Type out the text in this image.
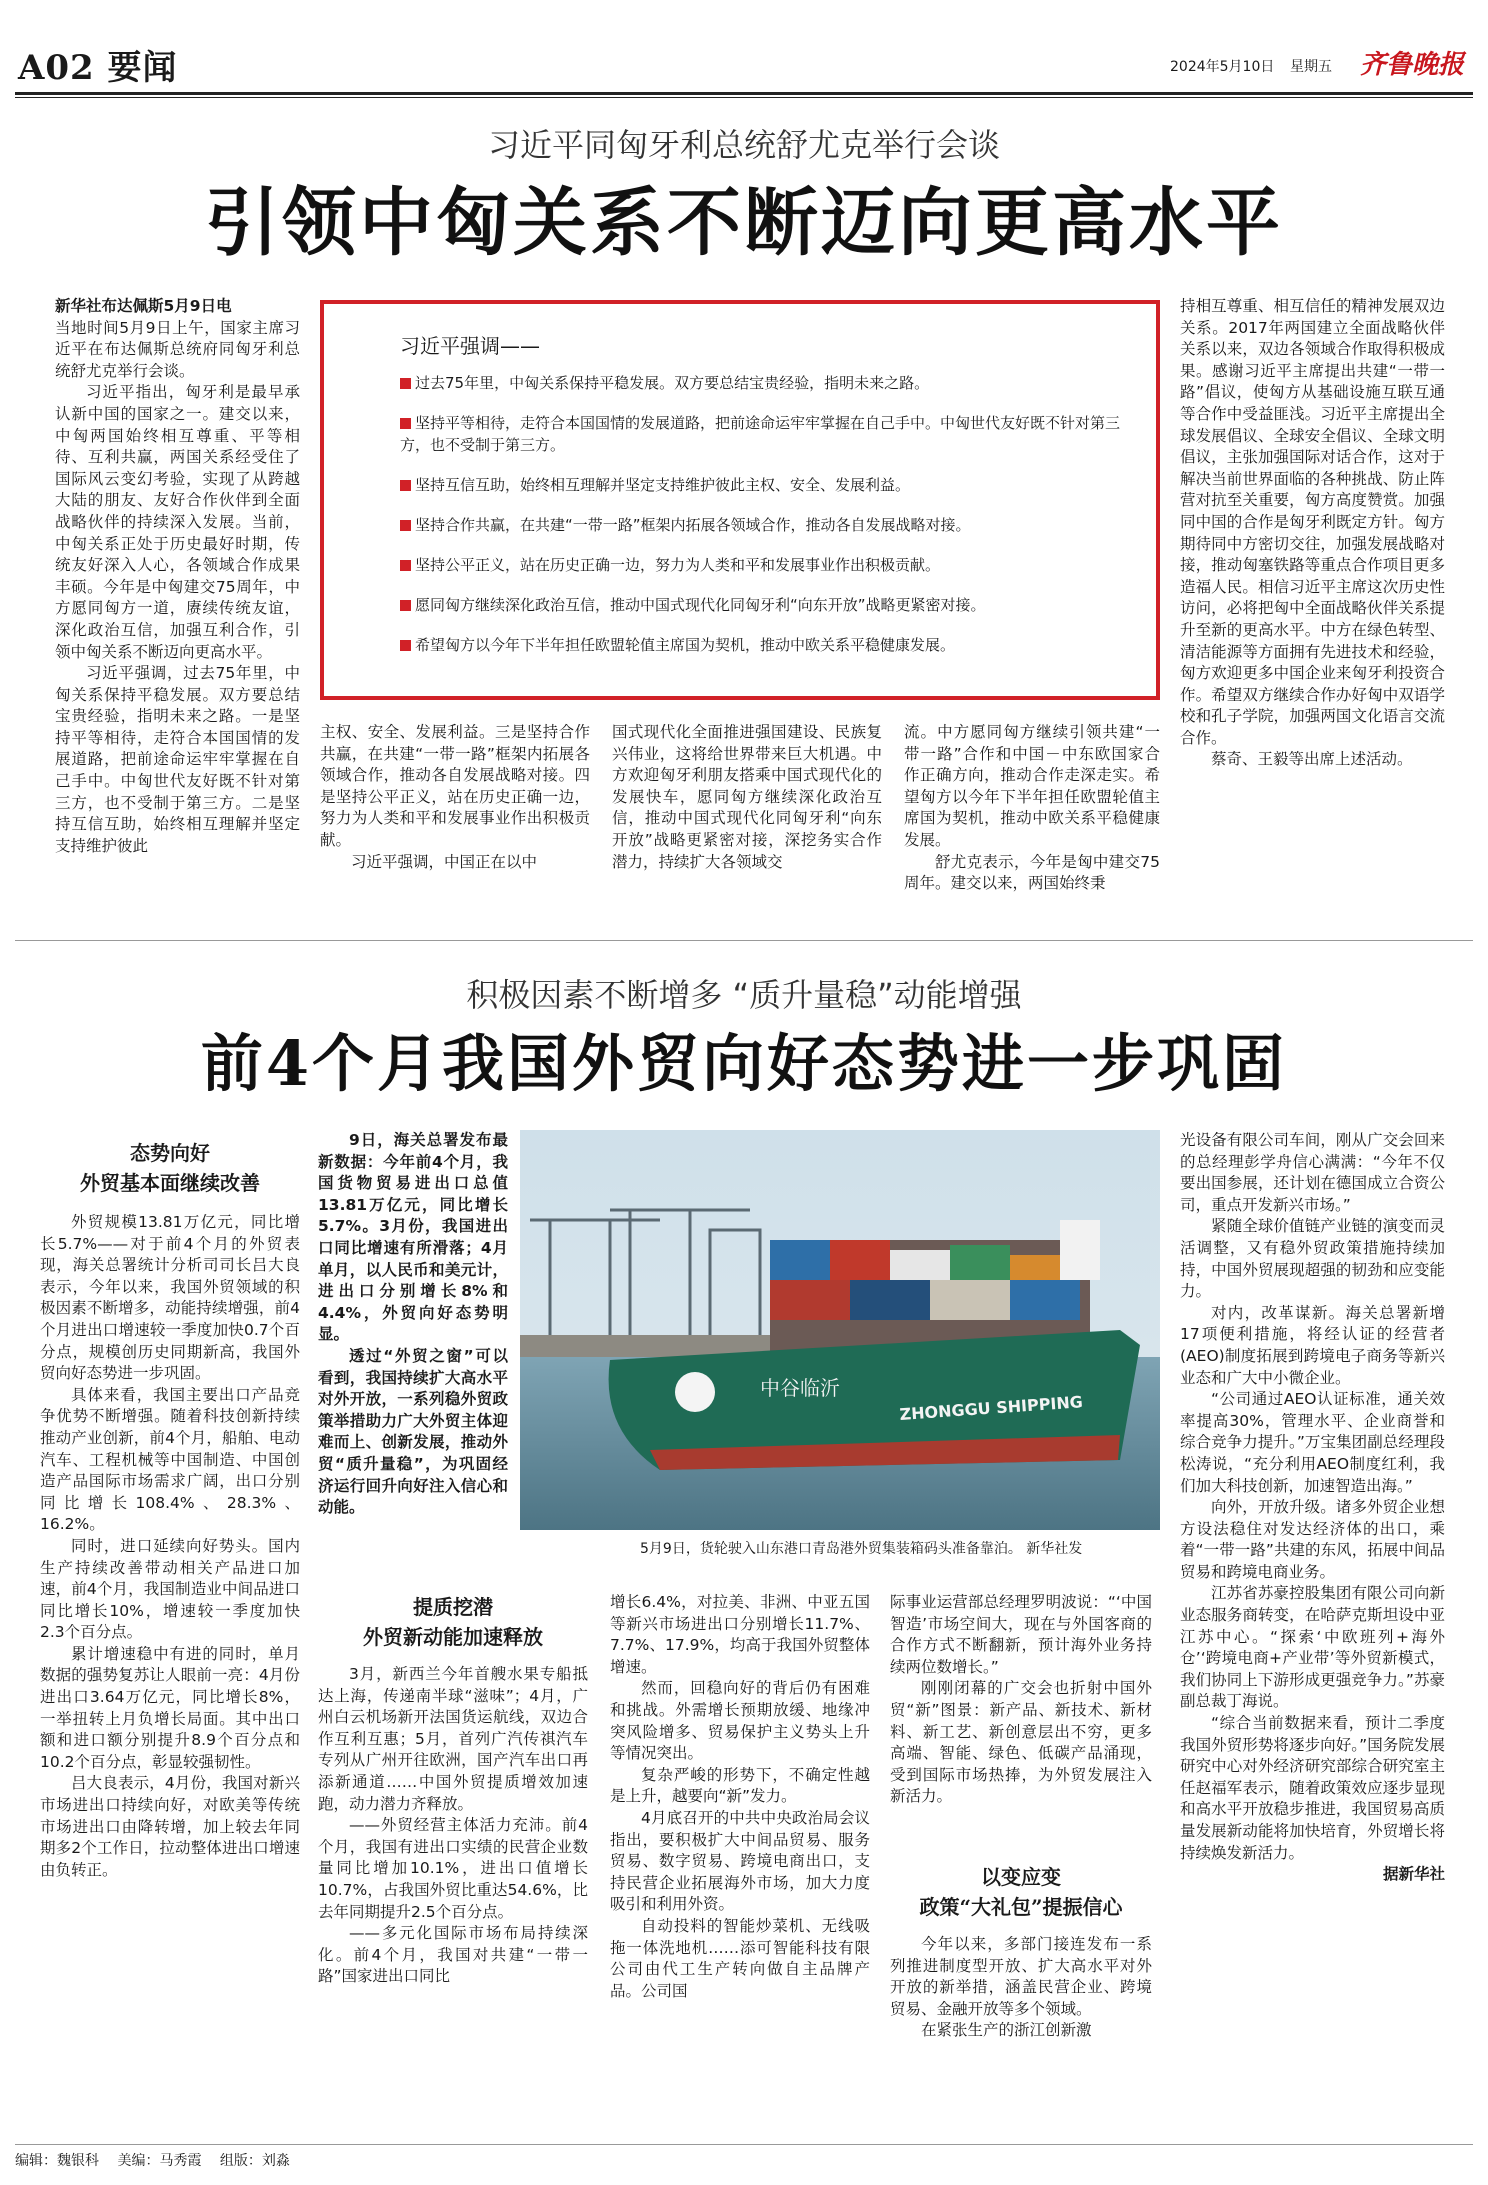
A02 要闻	2024年5月10日 星期五 齐鲁晚报
习近平同匈牙利总统舒尤克举行会谈
引领中匈关系不断迈向更高水平

新华社布达佩斯5月9日电

当地时间5月9日上午，国家主席习近平在布达佩斯总统府同匈牙利总统舒尤克举行会谈。

习近平指出，匈牙利是最早承认新中国的国家之一。建交以来，中匈两国始终相互尊重、平等相待、互利共赢，两国关系经受住了国际风云变幻考验，实现了从跨越大陆的朋友、友好合作伙伴到全面战略伙伴的持续深入发展。当前，中匈关系正处于历史最好时期，传统友好深入人心，各领域合作成果丰硕。今年是中匈建交75周年，中方愿同匈方一道，赓续传统友谊，深化政治互信，加强互利合作，引领中匈关系不断迈向更高水平。

习近平强调，过去75年里，中匈关系保持平稳发展。双方要总结宝贵经验，指明未来之路。一是坚持平等相待，走符合本国国情的发展道路，把前途命运牢牢掌握在自己手中。中匈世代友好既不针对第三方，也不受制于第三方。二是坚持互信互助，始终相互理解并坚定支持维护彼此

习近平强调——
过去75年里，中匈关系保持平稳发展。双方要总结宝贵经验，指明未来之路。
坚持平等相待，走符合本国国情的发展道路，把前途命运牢牢掌握在自己手中。中匈世代友好既不针对第三方，也不受制于第三方。
坚持互信互助，始终相互理解并坚定支持维护彼此主权、安全、发展利益。
坚持合作共赢，在共建“一带一路”框架内拓展各领域合作，推动各自发展战略对接。
坚持公平正义，站在历史正确一边，努力为人类和平和发展事业作出积极贡献。
愿同匈方继续深化政治互信，推动中国式现代化同匈牙利“向东开放”战略更紧密对接。
希望匈方以今年下半年担任欧盟轮值主席国为契机，推动中欧关系平稳健康发展。

主权、安全、发展利益。三是坚持合作共赢，在共建“一带一路”框架内拓展各领域合作，推动各自发展战略对接。四是坚持公平正义，站在历史正确一边，努力为人类和平和发展事业作出积极贡献。

习近平强调，中国正在以中

国式现代化全面推进强国建设、民族复兴伟业，这将给世界带来巨大机遇。中方欢迎匈牙利朋友搭乘中国式现代化的发展快车，愿同匈方继续深化政治互信，推动中国式现代化同匈牙利“向东开放”战略更紧密对接，深挖务实合作潜力，持续扩大各领域交

流。中方愿同匈方继续引领共建“一带一路”合作和中国－中东欧国家合作正确方向，推动合作走深走实。希望匈方以今年下半年担任欧盟轮值主席国为契机，推动中欧关系平稳健康发展。

舒尤克表示，今年是匈中建交75周年。建交以来，两国始终秉

持相互尊重、相互信任的精神发展双边关系。2017年两国建立全面战略伙伴关系以来，双边各领域合作取得积极成果。感谢习近平主席提出共建“一带一路”倡议，使匈方从基础设施互联互通等合作中受益匪浅。习近平主席提出全球发展倡议、全球安全倡议、全球文明倡议，主张加强国际对话合作，这对于解决当前世界面临的各种挑战、防止阵营对抗至关重要，匈方高度赞赏。加强同中国的合作是匈牙利既定方针。匈方期待同中方密切交往，加强发展战略对接，推动匈塞铁路等重点合作项目更多造福人民。相信习近平主席这次历史性访问，必将把匈中全面战略伙伴关系提升至新的更高水平。中方在绿色转型、清洁能源等方面拥有先进技术和经验，匈方欢迎更多中国企业来匈牙利投资合作。希望双方继续合作办好匈中双语学校和孔子学院，加强两国文化语言交流合作。

蔡奇、王毅等出席上述活动。

积极因素不断增多 “质升量稳”动能增强
前4个月我国外贸向好态势进一步巩固
态势向好
外贸基本面继续改善

外贸规模13.81万亿元，同比增长5.7%——对于前4个月的外贸表现，海关总署统计分析司司长吕大良表示，今年以来，我国外贸领域的积极因素不断增多，动能持续增强，前4个月进出口增速较一季度加快0.7个百分点，规模创历史同期新高，我国外贸向好态势进一步巩固。

具体来看，我国主要出口产品竞争优势不断增强。随着科技创新持续推动产业创新，前4个月，船舶、电动汽车、工程机械等中国制造、中国创造产品国际市场需求广阔，出口分别同比增长108.4%、28.3%、16.2%。

同时，进口延续向好势头。国内生产持续改善带动相关产品进口加速，前4个月，我国制造业中间品进口同比增长10%，增速较一季度加快2.3个百分点。

累计增速稳中有进的同时，单月数据的强势复苏让人眼前一亮：4月份进出口3.64万亿元，同比增长8%，一举扭转上月负增长局面。其中出口额和进口额分别提升8.9个百分点和10.2个百分点，彰显较强韧性。

吕大良表示，4月份，我国对新兴市场进出口持续向好，对欧美等传统市场进出口由降转增，加上较去年同期多2个工作日，拉动整体进出口增速由负转正。

9日，海关总署发布最新数据：今年前4个月，我国货物贸易进出口总值13.81万亿元，同比增长5.7%。3月份，我国进出口同比增速有所滑落；4月单月，以人民币和美元计，进出口分别增长8%和4.4%，外贸向好态势明显。

透过“外贸之窗”可以看到，我国持续扩大高水平对外开放，一系列稳外贸政策举措助力广大外贸主体迎难而上、创新发展，推动外贸“质升量稳”，为巩固经济运行回升向好注入信心和动能。

中谷临沂
ZHONGGU SHIPPING
5月9日，货轮驶入山东港口青岛港外贸集装箱码头准备靠泊。 新华社发
提质挖潜
外贸新动能加速释放

3月，新西兰今年首艘水果专船抵达上海，传递南半球“滋味”；4月，广州白云机场新开法国货运航线，双边合作互利互惠；5月，首列广汽传祺汽车专列从广州开往欧洲，国产汽车出口再添新通道……中国外贸提质增效加速跑，动力潜力齐释放。

——外贸经营主体活力充沛。前4个月，我国有进出口实绩的民营企业数量同比增加10.1%，进出口值增长10.7%，占我国外贸比重达54.6%，比去年同期提升2.5个百分点。

——多元化国际市场布局持续深化。前4个月，我国对共建“一带一路”国家进出口同比

增长6.4%，对拉美、非洲、中亚五国等新兴市场进出口分别增长11.7%、7.7%、17.9%，均高于我国外贸整体增速。

然而，回稳向好的背后仍有困难和挑战。外需增长预期放缓、地缘冲突风险增多、贸易保护主义势头上升等情况突出。

复杂严峻的形势下，不确定性越是上升，越要向“新”发力。

4月底召开的中共中央政治局会议指出，要积极扩大中间品贸易、服务贸易、数字贸易、跨境电商出口，支持民营企业拓展海外市场，加大力度吸引和利用外资。

自动投料的智能炒菜机、无线吸拖一体洗地机……添可智能科技有限公司由代工生产转向做自主品牌产品。公司国

际事业运营部总经理罗明波说：“‘中国智造’市场空间大，现在与外国客商的合作方式不断翻新，预计海外业务持续两位数增长。”

刚刚闭幕的广交会也折射中国外贸“新”图景：新产品、新技术、新材料、新工艺、新创意层出不穷，更多高端、智能、绿色、低碳产品涌现，受到国际市场热捧，为外贸发展注入新活力。

以变应变
政策“大礼包”提振信心

今年以来，多部门接连发布一系列推进制度型开放、扩大高水平对外开放的新举措，涵盖民营企业、跨境贸易、金融开放等多个领域。

在紧张生产的浙江创新激

光设备有限公司车间，刚从广交会回来的总经理彭学舟信心满满：“今年不仅要出国参展，还计划在德国成立合资公司，重点开发新兴市场。”

紧随全球价值链产业链的演变而灵活调整，又有稳外贸政策措施持续加持，中国外贸展现超强的韧劲和应变能力。

对内，改革谋新。海关总署新增17项便利措施，将经认证的经营者(AEO)制度拓展到跨境电子商务等新兴业态和广大中小微企业。

“公司通过AEO认证标准，通关效率提高30%，管理水平、企业商誉和综合竞争力提升。”万宝集团副总经理段松涛说，“充分利用AEO制度红利，我们加大科技创新，加速智造出海。”

向外，开放升级。诸多外贸企业想方设法稳住对发达经济体的出口，乘着“一带一路”共建的东风，拓展中间品贸易和跨境电商业务。

江苏省苏豪控股集团有限公司向新业态服务商转变，在哈萨克斯坦设中亚江苏中心。“探索‘中欧班列+海外仓’‘跨境电商+产业带’等外贸新模式，我们协同上下游形成更强竞争力。”苏豪副总裁丁海说。

“综合当前数据来看，预计二季度我国外贸形势将逐步向好。”国务院发展研究中心对外经济研究部综合研究室主任赵福军表示，随着政策效应逐步显现和高水平开放稳步推进，我国贸易高质量发展新动能将加快培育，外贸增长将持续焕发新活力。

据新华社

编辑：魏银科 美编：马秀霞 组版：刘淼
